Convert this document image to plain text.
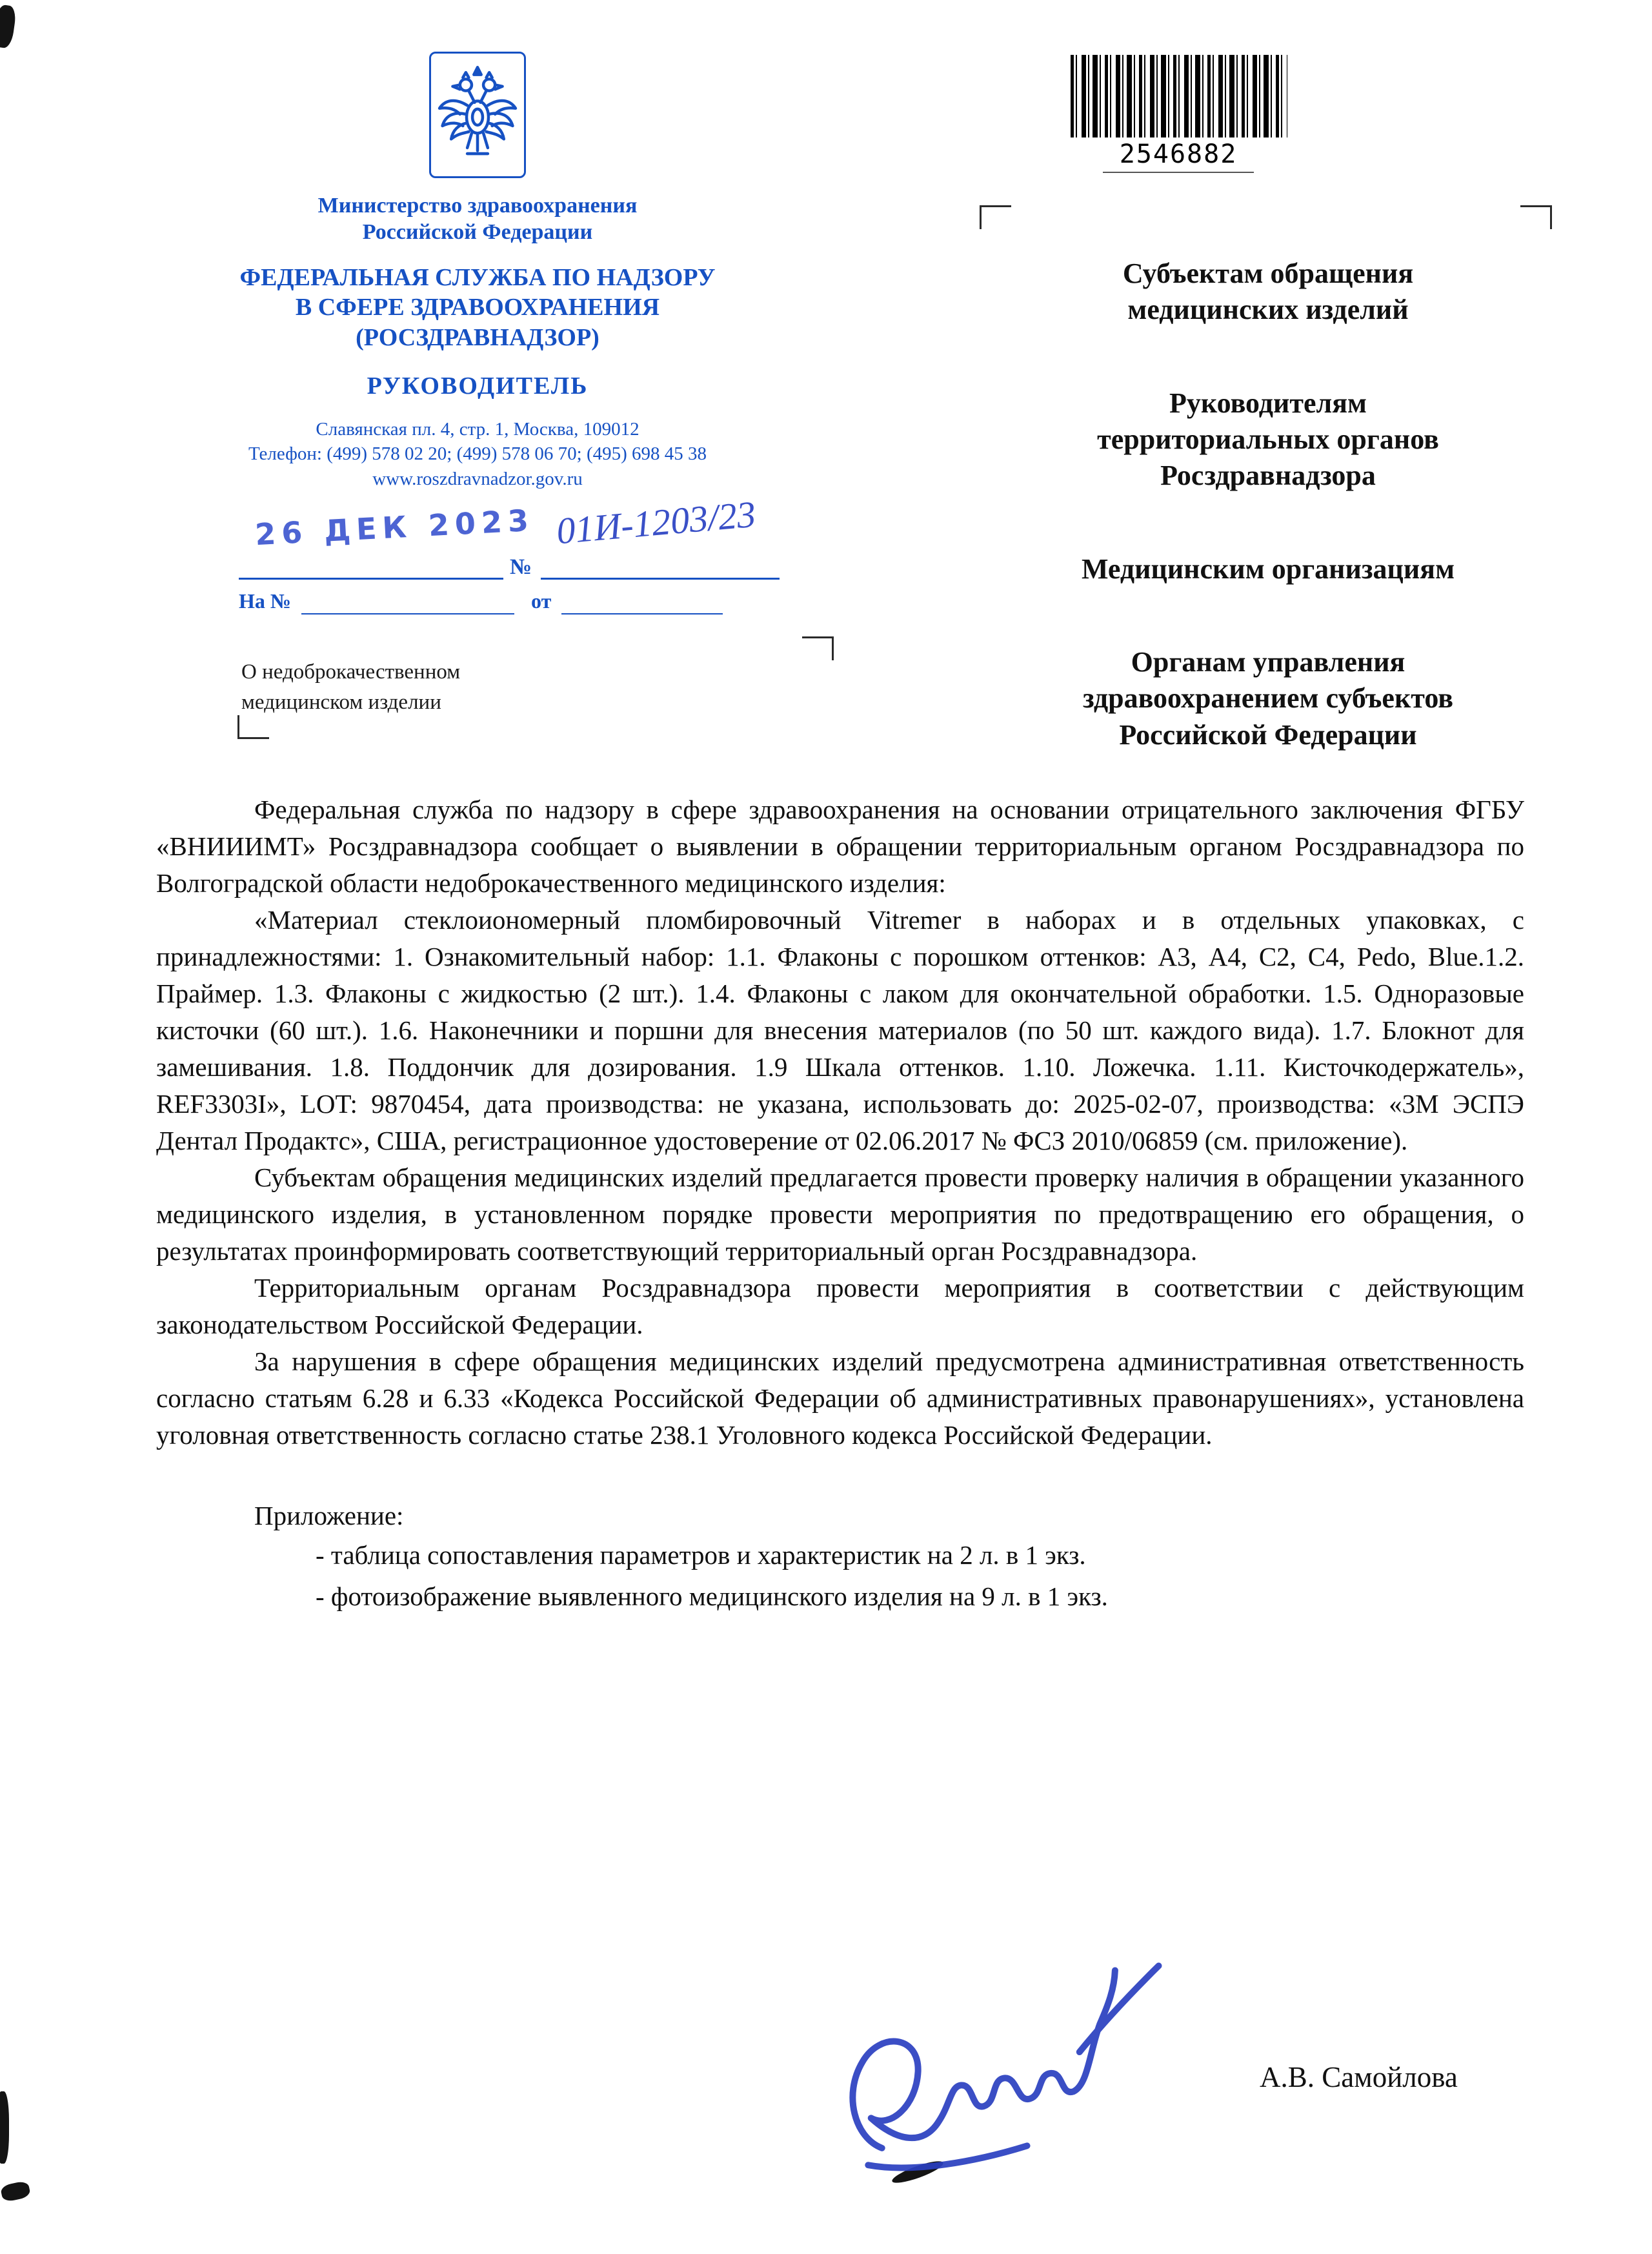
Министерство здравоохранения
Российской Федерации
ФЕДЕРАЛЬНАЯ СЛУЖБА ПО НАДЗОРУ
В СФЕРЕ ЗДРАВООХРАНЕНИЯ
(РОСЗДРАВНАДЗОР)
РУКОВОДИТЕЛЬ
Славянская пл. 4, стр. 1, Москва, 109012
Телефон: (499) 578 02 20; (499) 578 06 70; (495) 698 45 38
www.roszdravnadzor.gov.ru
№
26 ДЕК 2023 01И-1203/23
На №	от
О недоброкачественном
медицинском изделии
2546882
Субъектам обращения
медицинских изделий
Руководителям
территориальных органов
Росздравнадзора
Медицинским организациям
Органам управления
здравоохранением субъектов
Российской Федерации

Федеральная служба по надзору в сфере здравоохранения на основании отрицательного заключения ФГБУ «ВНИИИМТ» Росздравнадзора сообщает о выявлении в обращении территориальным органом Росздравнадзора по Волгоградской области недоброкачественного медицинского изделия:

«Материал стеклоиономерный пломбировочный Vitremer в наборах и в отдельных упаковках, с принадлежностями: 1. Ознакомительный набор: 1.1. Флаконы с порошком оттенков: А3, А4, С2, С4, Pedo, Blue.1.2. Праймер. 1.3. Флаконы с жидкостью (2 шт.). 1.4. Флаконы с лаком для окончательной обработки. 1.5. Одноразовые кисточки (60 шт.). 1.6. Наконечники и поршни для внесения материалов (по 50 шт. каждого вида). 1.7. Блокнот для замешивания. 1.8. Поддончик для дозирования. 1.9 Шкала оттенков. 1.10. Ложечка. 1.11. Кисточкодержатель», REF3303I», LOT: 9870454, дата производства: не указана, использовать до: 2025-02-07, производства: «3М ЭСПЭ Дентал Продактс», США, регистрационное удостоверение от 02.06.2017 № ФСЗ 2010/06859 (см. приложение).

Субъектам обращения медицинских изделий предлагается провести проверку наличия в обращении указанного медицинского изделия, в установленном порядке провести мероприятия по предотвращению его обращения, о результатах проинформировать соответствующий территориальный орган Росздравнадзора.

Территориальным органам Росздравнадзора провести мероприятия в соответствии с действующим законодательством Российской Федерации.

За нарушения в сфере обращения медицинских изделий предусмотрена административная ответственность согласно статьям 6.28 и 6.33 «Кодекса Российской Федерации об административных правонарушениях», установлена уголовная ответственность согласно статье 238.1 Уголовного кодекса Российской Федерации.

Приложение:

- таблица сопоставления параметров и характеристик на 2 л. в 1 экз.

- фотоизображение выявленного медицинского изделия на 9 л. в 1 экз.

А.В. Самойлова
